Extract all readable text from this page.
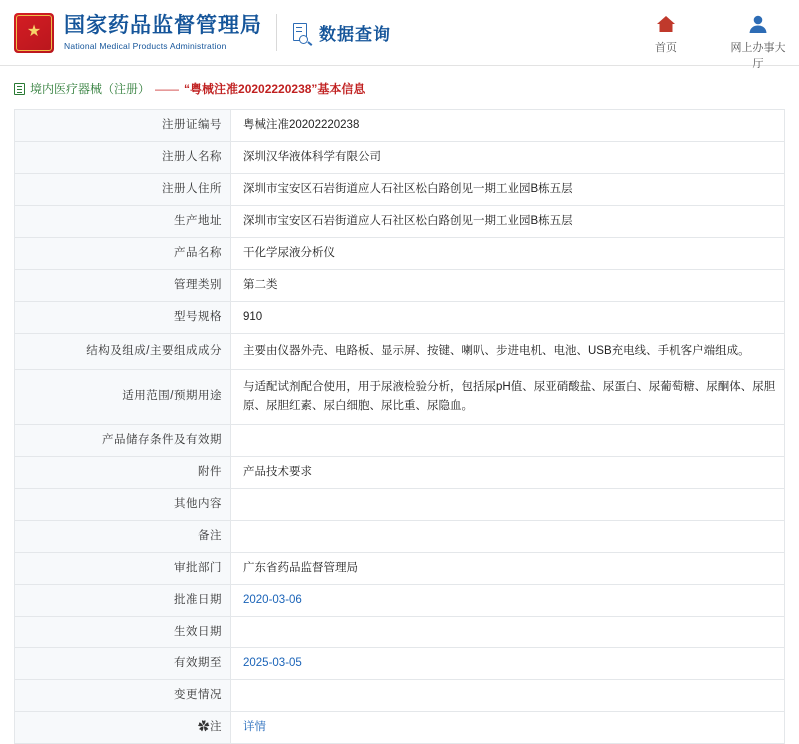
★ 国家药品监督管理局
National Medical Products Administration
数据查询
首页	网上办事大厅
境内医疗器械（注册） —— “粤械注准20202220238”基本信息
注册证编号	粤械注准20202220238
注册人名称	深圳汉华液体科学有限公司
注册人住所	深圳市宝安区石岩街道应人石社区松白路创见一期工业园B栋五层
生产地址	深圳市宝安区石岩街道应人石社区松白路创见一期工业园B栋五层
产品名称	干化学尿液分析仪
管理类别	第二类
型号规格	910
结构及组成/主要组成成分	主要由仪器外壳、电路板、显示屏、按键、喇叭、步进电机、电池、USB充电线、手机客户端组成。
适用范围/预期用途	与适配试剂配合使用，用于尿液检验分析，包括尿pH值、尿亚硝酸盐、尿蛋白、尿葡萄糖、尿酮体、尿胆原、尿胆红素、尿白细胞、尿比重、尿隐血。
产品储存条件及有效期	
附件	产品技术要求
其他内容	
备注	
审批部门	广东省药品监督管理局
批准日期	2020-03-06
生效日期	
有效期至	2025-03-05
变更情况	
✿注	详情
